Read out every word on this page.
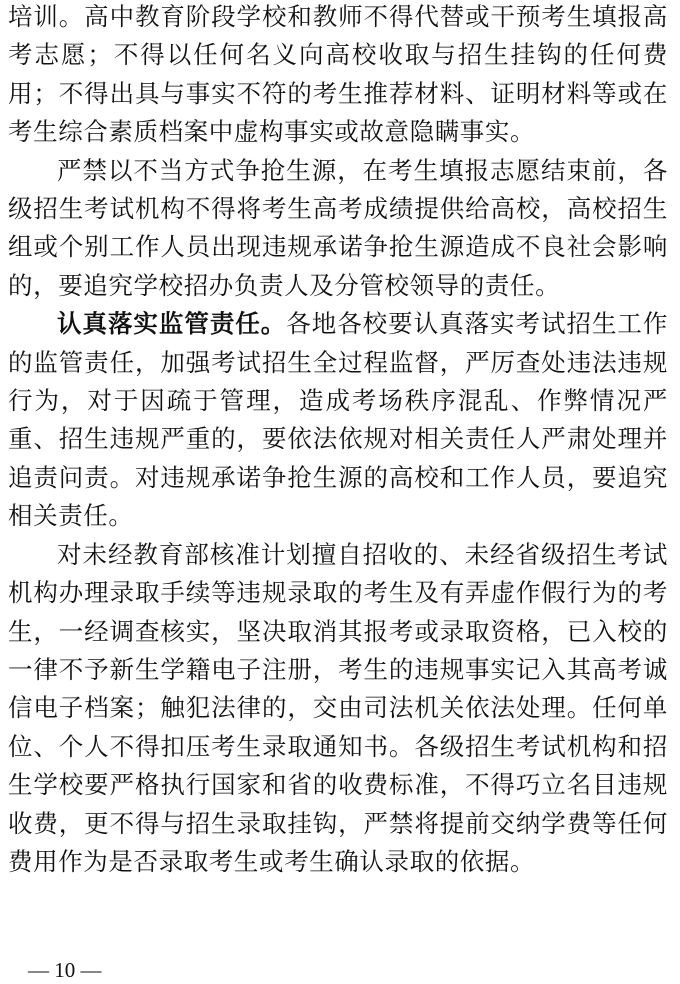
培训。高中教育阶段学校和教师不得代替或干预考生填报高考志愿；不得以任何名义向高校收取与招生挂钩的任何费用；不得出具与事实不符的考生推荐材料、证明材料等或在考生综合素质档案中虚构事实或故意隐瞒事实。

严禁以不当方式争抢生源，在考生填报志愿结束前，各级招生考试机构不得将考生高考成绩提供给高校，高校招生组或个别工作人员出现违规承诺争抢生源造成不良社会影响的，要追究学校招办负责人及分管校领导的责任。

认真落实监管责任。各地各校要认真落实考试招生工作的监管责任，加强考试招生全过程监督，严厉查处违法违规行为，对于因疏于管理，造成考场秩序混乱、作弊情况严重、招生违规严重的，要依法依规对相关责任人严肃处理并追责问责。对违规承诺争抢生源的高校和工作人员，要追究相关责任。

对未经教育部核准计划擅自招收的、未经省级招生考试机构办理录取手续等违规录取的考生及有弄虚作假行为的考生，一经调查核实，坚决取消其报考或录取资格，已入校的一律不予新生学籍电子注册，考生的违规事实记入其高考诚信电子档案；触犯法律的，交由司法机关依法处理。任何单位、个人不得扣压考生录取通知书。各级招生考试机构和招生学校要严格执行国家和省的收费标准，不得巧立名目违规收费，更不得与招生录取挂钩，严禁将提前交纳学费等任何费用作为是否录取考生或考生确认录取的依据。

— 10 —
